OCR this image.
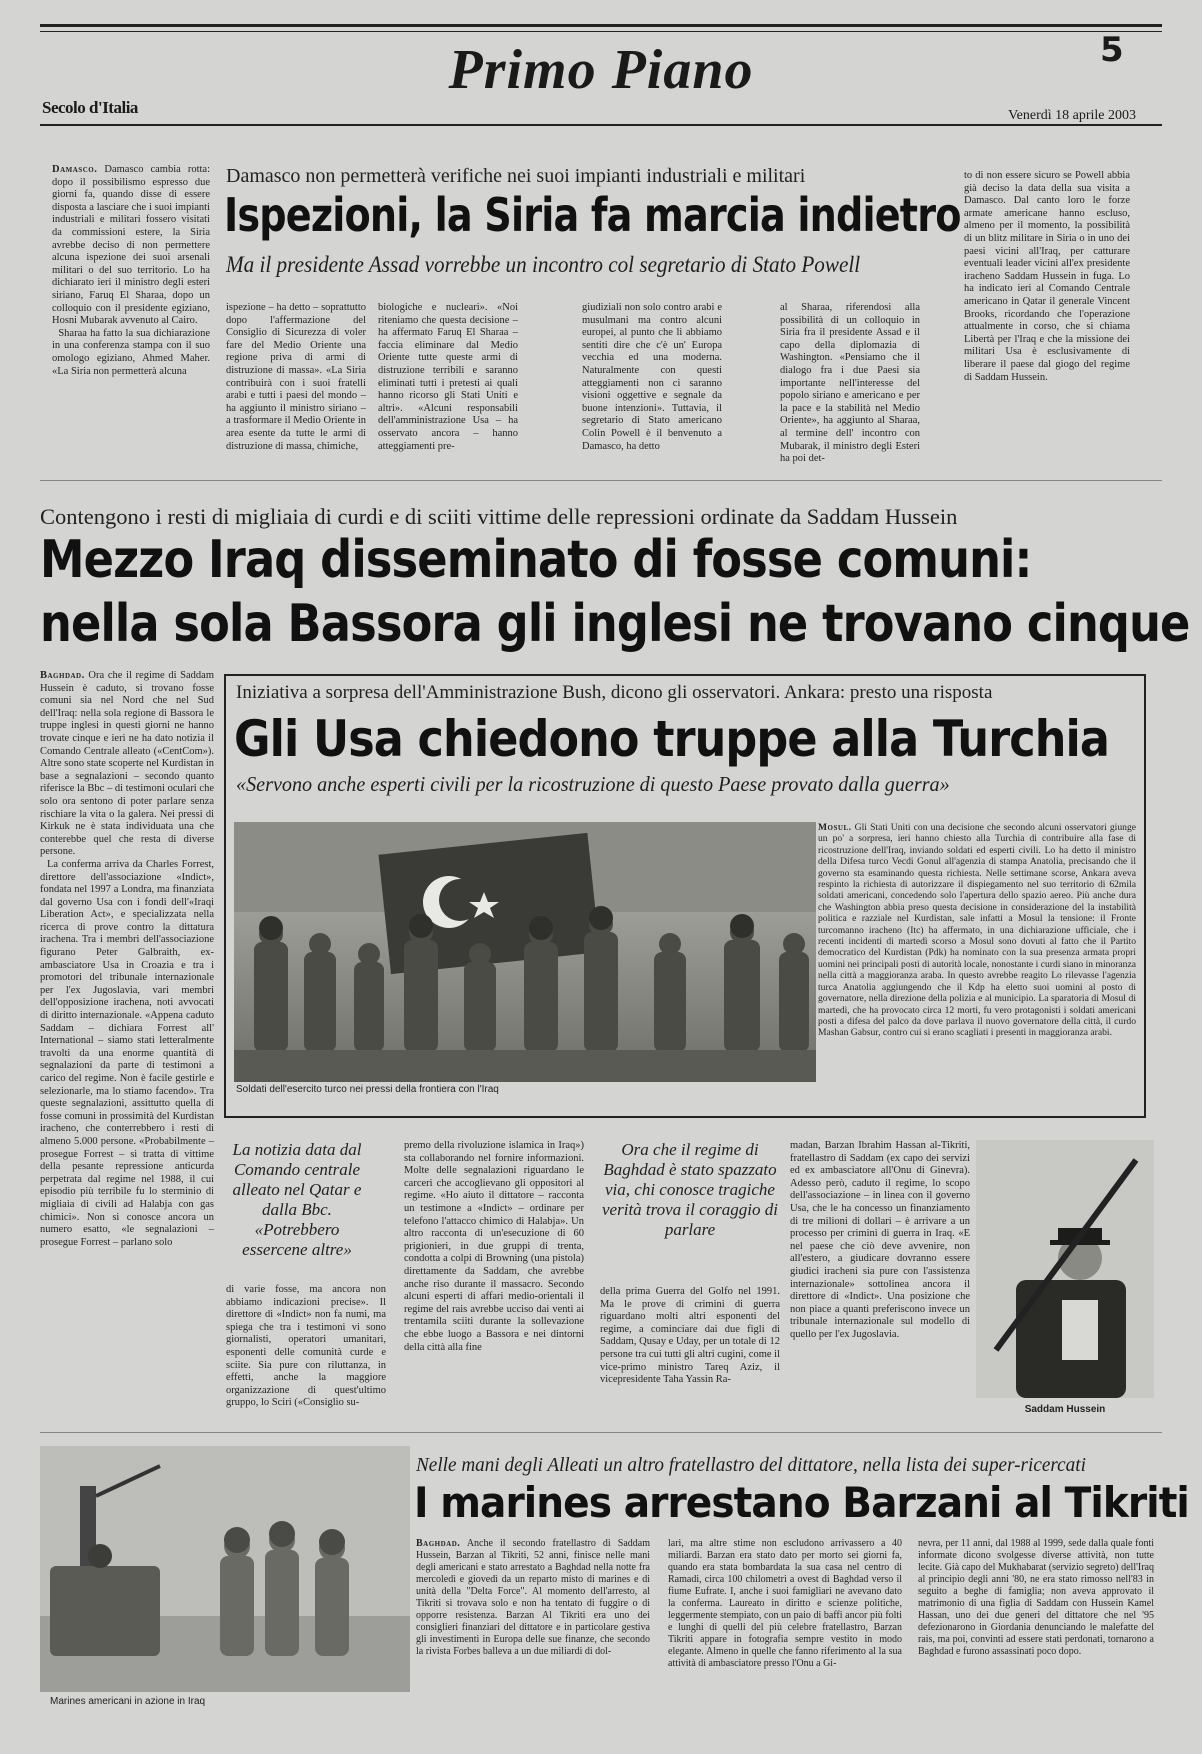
Primo Piano	5
Secolo d'Italia	Venerdì 18 aprile 2003
Damasco. Damasco cambia rotta: dopo il possibilismo espresso due giorni fa, quando disse di essere disposta a lasciare che i suoi impianti industriali e militari fossero visitati da commissioni estere, la Siria avrebbe deciso di non permettere alcuna ispezione dei suoi arsenali militari o del suo territorio. Lo ha dichiarato ieri il ministro degli esteri siriano, Faruq El Sharaa, dopo un colloquio con il presidente egiziano, Hosni Mubarak avvenuto al Cairo.
Sharaa ha fatto la sua dichiarazione in una conferenza stampa con il suo omologo egiziano, Ahmed Maher. «La Siria non permetterà alcuna
Damasco non permetterà verifiche nei suoi impianti industriali e militari
Ispezioni, la Siria fa marcia indietro
Ma il presidente Assad vorrebbe un incontro col segretario di Stato Powell
ispezione – ha detto – soprattutto dopo l'affermazione del Consiglio di Sicurezza di voler fare del Medio Oriente una regione priva di armi di distruzione di massa». «La Siria contribuirà con i suoi fratelli arabi e tutti i paesi del mondo – ha aggiunto il ministro siriano – a trasformare il Medio Oriente in area esente da tutte le armi di distruzione di massa, chimiche,
biologiche e nucleari». «Noi riteniamo che questa decisione – ha affermato Faruq El Sharaa – faccia eliminare dal Medio Oriente tutte queste armi di distruzione terribili e saranno eliminati tutti i pretesti ai quali hanno ricorso gli Stati Uniti e altri». «Alcuni responsabili dell'amministrazione Usa – ha osservato ancora – hanno atteggiamenti pre-
giudiziali non solo contro arabi e musulmani ma contro alcuni europei, al punto che li abbiamo sentiti dire che c'è un' Europa vecchia ed una moderna. Naturalmente con questi atteggiamenti non ci saranno visioni oggettive e segnale da buone intenzioni». Tuttavia, il segretario di Stato americano Colin Powell è il benvenuto a Damasco, ha detto
al Sharaa, riferendosi alla possibilità di un colloquio in Siria fra il presidente Assad e il capo della diplomazia di Washington. «Pensiamo che il dialogo fra i due Paesi sia importante nell'interesse del popolo siriano e americano e per la pace e la stabilità nel Medio Oriente», ha aggiunto al Sharaa, al termine dell' incontro con Mubarak, il ministro degli Esteri ha poi det-
to di non essere sicuro se Powell abbia già deciso la data della sua visita a Damasco. Dal canto loro le forze armate americane hanno escluso, almeno per il momento, la possibilità di un blitz militare in Siria o in uno dei paesi vicini all'Iraq, per catturare eventuali leader vicini all'ex presidente iracheno Saddam Hussein in fuga. Lo ha indicato ieri al Comando Centrale americano in Qatar il generale Vincent Brooks, ricordando che l'operazione attualmente in corso, che si chiama Libertà per l'Iraq e che la missione dei militari Usa è esclusivamente di liberare il paese dal giogo del regime di Saddam Hussein.
Contengono i resti di migliaia di curdi e di sciiti vittime delle repressioni ordinate da Saddam Hussein
Mezzo Iraq disseminato di fosse comuni:
nella sola Bassora gli inglesi ne trovano cinque
Baghdad. Ora che il regime di Saddam Hussein è caduto, si trovano fosse comuni sia nel Nord che nel Sud dell'Iraq: nella sola regione di Bassora le truppe inglesi in questi giorni ne hanno trovate cinque e ieri ne ha dato notizia il Comando Centrale alleato («CentCom»). Altre sono state scoperte nel Kurdistan in base a segnalazioni – secondo quanto riferisce la Bbc – di testimoni oculari che solo ora sentono di poter parlare senza rischiare la vita o la galera. Nei pressi di Kirkuk ne è stata individuata una che conterebbe quel che resta di diverse persone.
La conferma arriva da Charles Forrest, direttore dell'associazione «Indict», fondata nel 1997 a Londra, ma finanziata dal governo Usa con i fondi dell'«Iraqi Liberation Act», e specializzata nella ricerca di prove contro la dittatura irachena. Tra i membri dell'associazione figurano Peter Galbraith, ex-ambasciatore Usa in Croazia e tra i promotori del tribunale internazionale per l'ex Jugoslavia, vari membri dell'opposizione irachena, noti avvocati di diritto internazionale. «Appena caduto Saddam – dichiara Forrest all' International – siamo stati letteralmente travolti da una enorme quantità di segnalazioni da parte di testimoni a carico del regime. Non è facile gestirle e selezionarle, ma lo stiamo facendo». Tra queste segnalazioni, assittutto quella di fosse comuni in prossimità del Kurdistan iracheno, che conterrebbero i resti di almeno 5.000 persone. «Probabilmente – prosegue Forrest – si tratta di vittime della pesante repressione anticurda perpetrata dal regime nel 1988, il cui episodio più terribile fu lo sterminio di migliaia di civili ad Halabja con gas chimici». Non si conosce ancora un numero esatto, «le segnalazioni – prosegue Forrest – parlano solo
Iniziativa a sorpresa dell'Amministrazione Bush, dicono gli osservatori. Ankara: presto una risposta
Gli Usa chiedono truppe alla Turchia
«Servono anche esperti civili per la ricostruzione di questo Paese provato dalla guerra»
Soldati dell'esercito turco nei pressi della frontiera con l'Iraq
Mosul. Gli Stati Uniti con una decisione che secondo alcuni osservatori giunge un po' a sorpresa, ieri hanno chiesto alla Turchia di contribuire alla fase di ricostruzione dell'Iraq, inviando soldati ed esperti civili. Lo ha detto il ministro della Difesa turco Vecdi Gonul all'agenzia di stampa Anatolia, precisando che il governo sta esaminando questa richiesta. Nelle settimane scorse, Ankara aveva respinto la richiesta di autorizzare il dispiegamento nel suo territorio di 62mila soldati americani, concedendo solo l'apertura dello spazio aereo. Più anche dura che Washington abbia preso questa decisione in considerazione del la instabilità politica e razziale nel Kurdistan, sale infatti a Mosul la tensione: il Fronte turcomanno iracheno (Itc) ha affermato, in una dichiarazione ufficiale, che i recenti incidenti di martedì scorso a Mosul sono dovuti al fatto che il Partito democratico del Kurdistan (Pdk) ha nominato con la sua presenza armata propri uomini nei principali posti di autorità locale, nonostante i curdi siano in minoranza nella città a maggioranza araba. In questo avrebbe reagito Lo rilevasse l'agenzia turca Anatolia aggiungendo che il Kdp ha eletto suoi uomini al posto di governatore, nella direzione della polizia e al municipio. La sparatoria di Mosul di martedì, che ha provocato circa 12 morti, fu vero protagonisti i soldati americani posti a difesa del palco da dove parlava il nuovo governatore della città, il curdo Mashan Gabsur, contro cui si erano scagliati i presenti in maggioranza arabi.
La notizia data dal Comando centrale alleato nel Qatar e dalla Bbc. «Potrebbero essercene altre»
di varie fosse, ma ancora non abbiamo indicazioni precise». Il direttore di «Indict» non fa numi, ma spiega che tra i testimoni vi sono giornalisti, operatori umanitari, esponenti delle comunità curde e sciite. Sia pure con riluttanza, in effetti, anche la maggiore organizzazione di quest'ultimo gruppo, lo Sciri («Consiglio su-
premo della rivoluzione islamica in Iraq») sta collaborando nel fornire informazioni. Molte delle segnalazioni riguardano le carceri che accoglievano gli oppositori al regime. «Ho aiuto il dittatore – racconta un testimone a «Indict» – ordinare per telefono l'attacco chimico di Halabja». Un altro racconta di un'esecuzione di 60 prigionieri, in due gruppi di trenta, condotta a colpi di Browning (una pistola) direttamente da Saddam, che avrebbe anche riso durante il massacro. Secondo alcuni esperti di affari medio-orientali il regime del rais avrebbe ucciso dai venti ai trentamila sciiti durante la sollevazione che ebbe luogo a Bassora e nei dintorni della città alla fine
Ora che il regime di Baghdad è stato spazzato via, chi conosce tragiche verità trova il coraggio di parlare
della prima Guerra del Golfo nel 1991. Ma le prove di crimini di guerra riguardano molti altri esponenti del regime, a cominciare dai due figli di Saddam, Qusay e Uday, per un totale di 12 persone tra cui tutti gli altri cugini, come il vice-primo ministro Tareq Aziz, il vicepresidente Taha Yassin Ra-
madan, Barzan Ibrahim Hassan al-Tikriti, fratellastro di Saddam (ex capo dei servizi ed ex ambasciatore all'Onu di Ginevra). Adesso però, caduto il regime, lo scopo dell'associazione – in linea con il governo Usa, che le ha concesso un finanziamento di tre milioni di dollari – è arrivare a un processo per crimini di guerra in Iraq. «E nel paese che ciò deve avvenire, non all'estero, a giudicare dovranno essere giudici iracheni sia pure con l'assistenza internazionale» sottolinea ancora il direttore di «Indict». Una posizione che non piace a quanti preferiscono invece un tribunale internazionale sul modello di quello per l'ex Jugoslavia.
Saddam Hussein
Marines americani in azione in Iraq
Nelle mani degli Alleati un altro fratellastro del dittatore, nella lista dei super-ricercati
I marines arrestano Barzani al Tikriti
Baghdad. Anche il secondo fratellastro di Saddam Hussein, Barzan al Tikriti, 52 anni, finisce nelle mani degli americani e stato arrestato a Baghdad nella notte fra mercoledì e giovedì da un reparto misto di marines e di unità della "Delta Force". Al momento dell'arresto, al Tikriti si trovava solo e non ha tentato di fuggire o di opporre resistenza. Barzan Al Tikriti era uno dei consiglieri finanziari del dittatore e in particolare gestiva gli investimenti in Europa delle sue finanze, che secondo la rivista Forbes balleva a un due miliardi di dol-
lari, ma altre stime non escludono arrivassero a 40 miliardi. Barzan era stato dato per morto sei giorni fa, quando era stata bombardata la sua casa nel centro di Ramadi, circa 100 chilometri a ovest di Baghdad verso il fiume Eufrate. I, anche i suoi famigliari ne avevano dato la conferma. Laureato in diritto e scienze politiche, leggermente stempiato, con un paio di baffi ancor più folti e lunghi di quelli del più celebre fratellastro, Barzan Tikriti appare in fotografia sempre vestito in modo elegante. Almeno in quelle che fanno riferimento al la sua attività di ambasciatore presso l'Onu a Gi-
nevra, per 11 anni, dal 1988 al 1999, sede dalla quale fonti informate dicono svolgesse diverse attività, non tutte lecite. Già capo del Mukhabarat (servizio segreto) dell'Iraq al principio degli anni '80, ne era stato rimosso nell'83 in seguito a beghe di famiglia; non aveva approvato il matrimonio di una figlia di Saddam con Hussein Kamel Hassan, uno dei due generi del dittatore che nel '95 defezionarono in Giordania denunciando le malefatte del rais, ma poi, convinti ad essere stati perdonati, tornarono a Baghdad e furono assassinati poco dopo.
